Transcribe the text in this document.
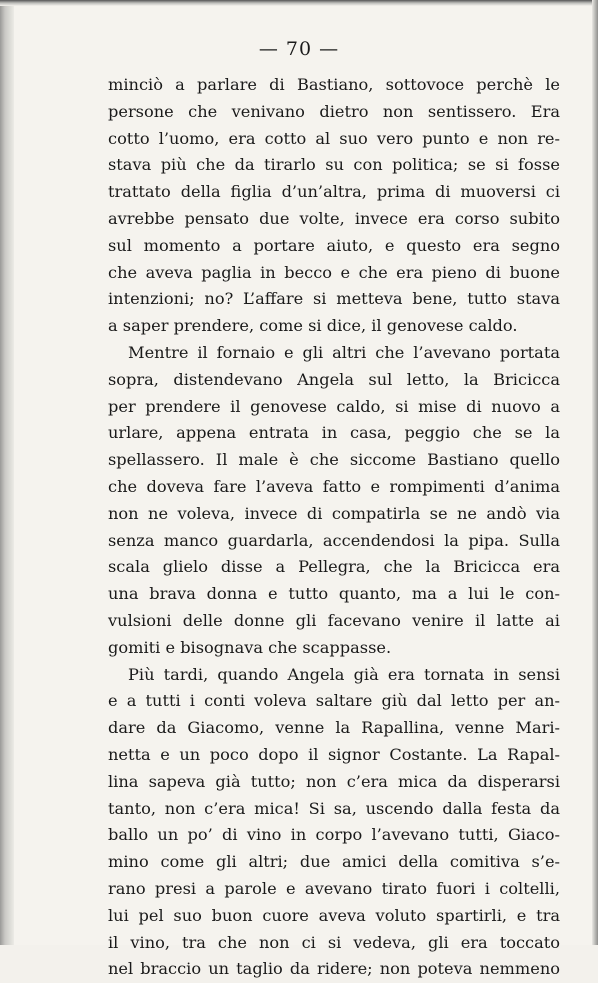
— 70 —
minciò a parlare di Bastiano, sottovoce perchè le
persone che venivano dietro non sentissero. Era
cotto l’uomo, era cotto al suo vero punto e non re-
stava più che da tirarlo su con politica; se si fosse
trattato della figlia d’un’altra, prima di muoversi ci
avrebbe pensato due volte, invece era corso subito
sul momento a portare aiuto, e questo era segno
che aveva paglia in becco e che era pieno di buone
intenzioni; no? L’affare si metteva bene, tutto stava
a saper prendere, come si dice, il genovese caldo.
Mentre il fornaio e gli altri che l’avevano portata
sopra, distendevano Angela sul letto, la Bricicca
per prendere il genovese caldo, si mise di nuovo a
urlare, appena entrata in casa, peggio che se la
spellassero. Il male è che siccome Bastiano quello
che doveva fare l’aveva fatto e rompimenti d’anima
non ne voleva, invece di compatirla se ne andò via
senza manco guardarla, accendendosi la pipa. Sulla
scala glielo disse a Pellegra, che la Bricicca era
una brava donna e tutto quanto, ma a lui le con-
vulsioni delle donne gli facevano venire il latte ai
gomiti e bisognava che scappasse.
Più tardi, quando Angela già era tornata in sensi
e a tutti i conti voleva saltare giù dal letto per an-
dare da Giacomo, venne la Rapallina, venne Mari-
netta e un poco dopo il signor Costante. La Rapal-
lina sapeva già tutto; non c’era mica da disperarsi
tanto, non c’era mica! Si sa, uscendo dalla festa da
ballo un po’ di vino in corpo l’avevano tutti, Giaco-
mino come gli altri; due amici della comitiva s’e-
rano presi a parole e avevano tirato fuori i coltelli,
lui pel suo buon cuore aveva voluto spartirli, e tra
il vino, tra che non ci si vedeva, gli era toccato
nel braccio un taglio da ridere; non poteva nemmeno
